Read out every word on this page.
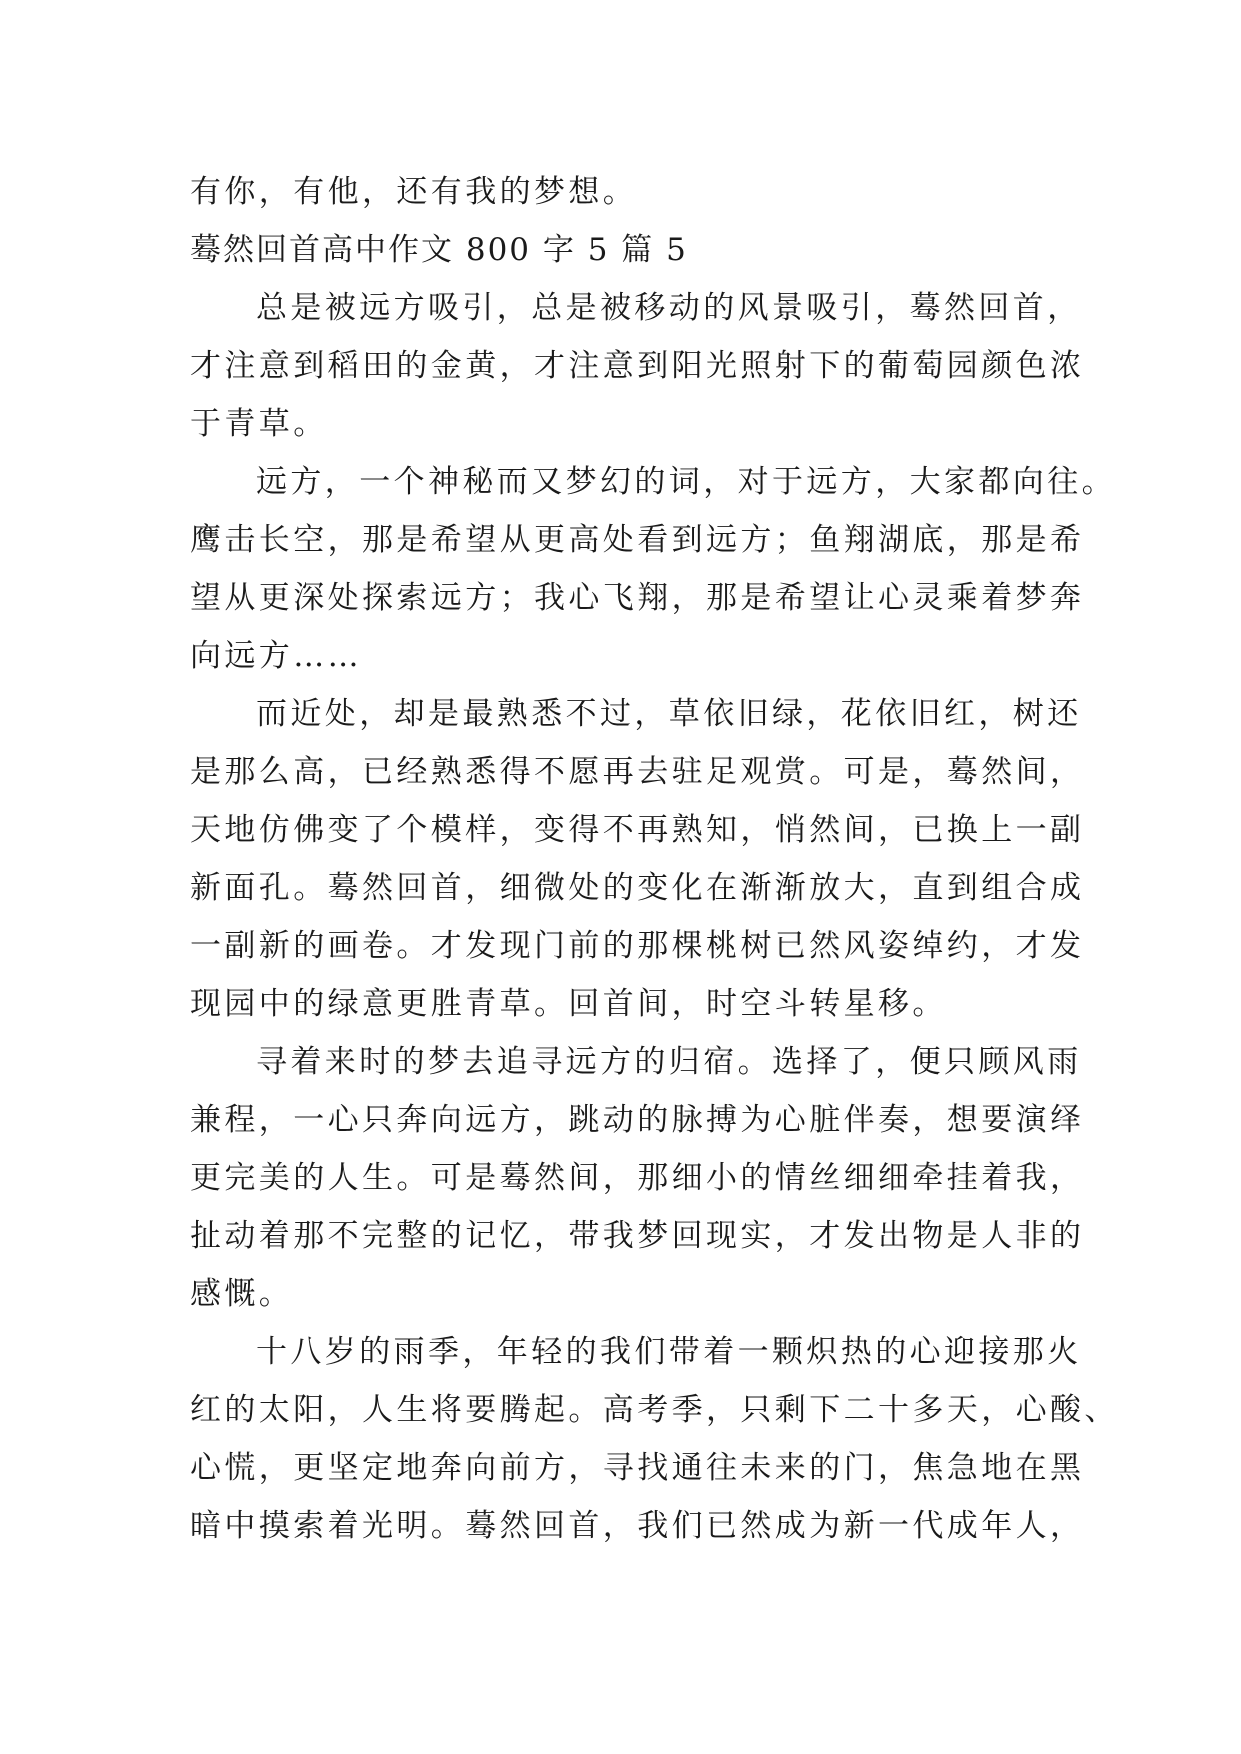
有你，有他，还有我的梦想。
蓦然回首高中作文 800 字 5 篇 5
总是被远方吸引，总是被移动的风景吸引，蓦然回首，
才注意到稻田的金黄，才注意到阳光照射下的葡萄园颜色浓
于青草。
远方，一个神秘而又梦幻的词，对于远方，大家都向往。
鹰击长空，那是希望从更高处看到远方；鱼翔湖底，那是希
望从更深处探索远方；我心飞翔，那是希望让心灵乘着梦奔
向远方……
而近处，却是最熟悉不过，草依旧绿，花依旧红，树还
是那么高，已经熟悉得不愿再去驻足观赏。可是，蓦然间，
天地仿佛变了个模样，变得不再熟知，悄然间，已换上一副
新面孔。蓦然回首，细微处的变化在渐渐放大，直到组合成
一副新的画卷。才发现门前的那棵桃树已然风姿绰约，才发
现园中的绿意更胜青草。回首间，时空斗转星移。
寻着来时的梦去追寻远方的归宿。选择了，便只顾风雨
兼程，一心只奔向远方，跳动的脉搏为心脏伴奏，想要演绎
更完美的人生。可是蓦然间，那细小的情丝细细牵挂着我，
扯动着那不完整的记忆，带我梦回现实，才发出物是人非的
感慨。
十八岁的雨季，年轻的我们带着一颗炽热的心迎接那火
红的太阳，人生将要腾起。高考季，只剩下二十多天，心酸、
心慌，更坚定地奔向前方，寻找通往未来的门，焦急地在黑
暗中摸索着光明。蓦然回首，我们已然成为新一代成年人，
